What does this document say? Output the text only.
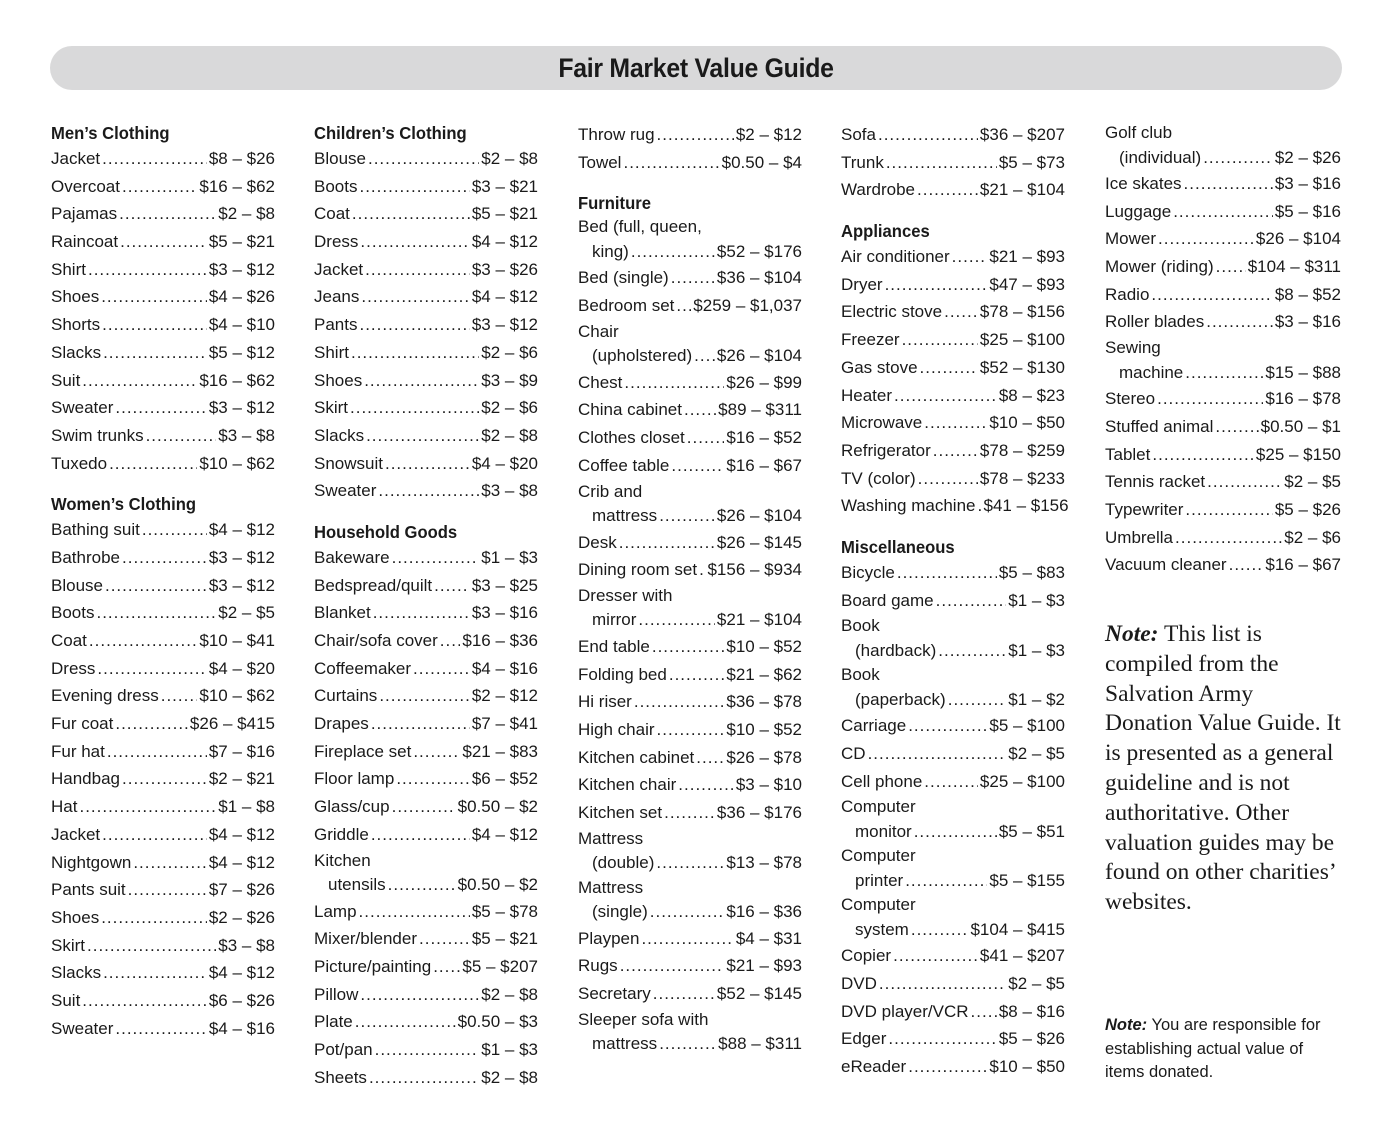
Fair Market Value Guide
Men’s Clothing
Jacket .....	$8 – $26
Overcoat .....	$16 – $62
Pajamas .....	$2 – $8
Raincoat .....	$5 – $21
Shirt .....	$3 – $12
Shoes .....	$4 – $26
Shorts .....	$4 – $10
Slacks .....	$5 – $12
Suit .....	$16 – $62
Sweater .....	$3 – $12
Swim trunks .....	$3 – $8
Tuxedo .....	$10 – $62
Women’s Clothing
Bathing suit .....	$4 – $12
Bathrobe .....	$3 – $12
Blouse .....	$3 – $12
Boots .....	$2 – $5
Coat .....	$10 – $41
Dress .....	$4 – $20
Evening dress ..... $10 – $62
Fur coat .....	$26 – $415
Fur hat .....	$7 – $16
Handbag .....	$2 – $21
Hat .....	$1 – $8
Jacket .....	$4 – $12
Nightgown .....	$4 – $12
Pants suit .....	$7 – $26
Shoes .....	$2 – $26
Skirt .....	$3 – $8
Slacks .....	$4 – $12
Suit .....	$6 – $26
Sweater .....	$4 – $16
Children’s Clothing
Blouse .....	$2 – $8
Boots .....	$3 – $21
Coat .....	$5 – $21
Dress .....	$4 – $12
Jacket .....	$3 – $26
Jeans .....	$4 – $12
Pants .....	$3 – $12
Shirt .....	$2 – $6
Shoes .....	$3 – $9
Skirt .....	$2 – $6
Slacks .....	$2 – $8
Snowsuit .....	$4 – $20
Sweater .....	$3 – $8
Household Goods
Bakeware .....	$1 – $3
Bedspread/quilt ..... $3 – $25
Blanket .....	$3 – $16
Chair/sofa cover ..... $16 – $36
Coffeemaker .....	$4 – $16
Curtains .....	$2 – $12
Drapes .....	$7 – $41
Fireplace set .....	$21 – $83
Floor lamp .....	$6 – $52
Glass/cup .....	$0.50 – $2
Griddle .....	$4 – $12
Kitchen
utensils .....	$0.50 – $2
Lamp .....	$5 – $78
Mixer/blender .....	$5 – $21
Picture/painting ..... $5 – $207
Pillow .....	$2 – $8
Plate .....	$0.50 – $3
Pot/pan .....	$1 – $3
Sheets .....	$2 – $8
Throw rug .....	$2 – $12
Towel .....	$0.50 – $4
Furniture
Bed (full, queen,
king) .....	$52 – $176
Bed (single) .....	$36 – $104
Bedroom set ..... $259 – $1,037
Chair
(upholstered) ..... $26 – $104
Chest .....	$26 – $99
China cabinet ..... $89 – $311
Clothes closet ..... $16 – $52
Coffee table .....	$16 – $67
Crib and
mattress .....	$26 – $104
Desk .....	$26 – $145
Dining room set ..... $156 – $934
Dresser with
mirror .....	$21 – $104
End table .....	$10 – $52
Folding bed .....	$21 – $62
Hi riser .....	$36 – $78
High chair .....	$10 – $52
Kitchen cabinet ..... $26 – $78
Kitchen chair .....	$3 – $10
Kitchen set .....	$36 – $176
Mattress
(double) .....	$13 – $78
Mattress
(single) .....	$16 – $36
Playpen .....	$4 – $31
Rugs .....	$21 – $93
Secretary .....	$52 – $145
Sleeper sofa with
mattress .....	$88 – $311
Sofa .....	$36 – $207
Trunk .....	$5 – $73
Wardrobe .....	$21 – $104
Appliances
Air conditioner ..... $21 – $93
Dryer .....	$47 – $93
Electric stove ..... $78 – $156
Freezer .....	$25 – $100
Gas stove .....	$52 – $130
Heater .....	$8 – $23
Microwave .....	$10 – $50
Refrigerator .....	$78 – $259
TV (color) .....	$78 – $233
Washing machine ..... $41 – $156
Miscellaneous
Bicycle .....	$5 – $83
Board game .....	$1 – $3
Book
(hardback) .....	$1 – $3
Book
(paperback) .....	$1 – $2
Carriage .....	$5 – $100
CD .....	$2 – $5
Cell phone .....	$25 – $100
Computer
monitor .....	$5 – $51
Computer
printer .....	$5 – $155
Computer
system .....	$104 – $415
Copier .....	$41 – $207
DVD .....	$2 – $5
DVD player/VCR ..... $8 – $16
Edger .....	$5 – $26
eReader .....	$10 – $50
Golf club
(individual) .....	$2 – $26
Ice skates .....	$3 – $16
Luggage .....	$5 – $16
Mower .....	$26 – $104
Mower (riding) ..... $104 – $311
Radio .....	$8 – $52
Roller blades .....	$3 – $16
Sewing
machine .....	$15 – $88
Stereo .....	$16 – $78
Stuffed animal .....	$0.50 – $1
Tablet .....	$25 – $150
Tennis racket .....	$2 – $5
Typewriter .....	$5 – $26
Umbrella .....	$2 – $6
Vacuum cleaner ..... $16 – $67
Note: This list is compiled from the Salvation Army Donation Value Guide. It is presented as a general guideline and is not authoritative. Other valuation guides may be found on other charities’ websites.
Note: You are responsible for establishing actual value of items donated.
